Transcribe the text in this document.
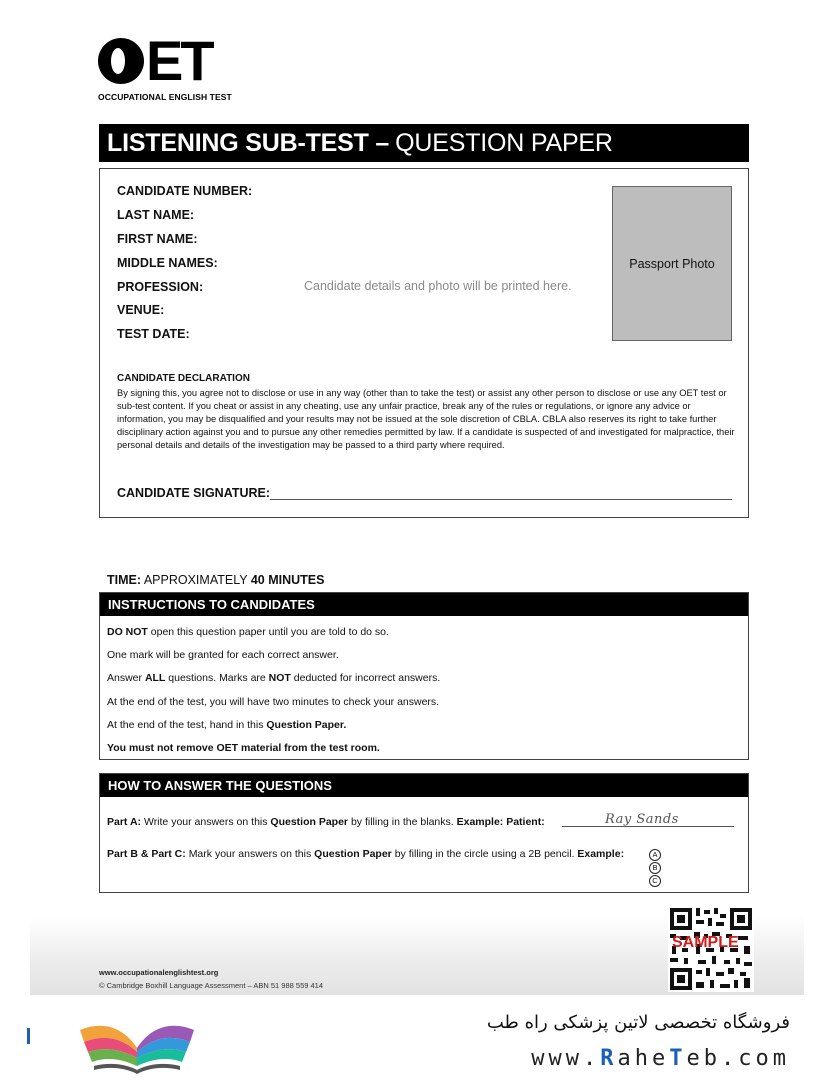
ET
OCCUPATIONAL ENGLISH TEST
LISTENING SUB-TEST – QUESTION PAPER
CANDIDATE NUMBER:
LAST NAME:
FIRST NAME:
MIDDLE NAMES:
PROFESSION:
VENUE:
TEST DATE:
Candidate details and photo will be printed here.
Passport Photo
CANDIDATE DECLARATION
By signing this, you agree not to disclose or use in any way (other than to take the test) or assist any other person to disclose or use any OET test or sub-test content. If you cheat or assist in any cheating, use any unfair practice, break any of the rules or regulations, or ignore any advice or information, you may be disqualified and your results may not be issued at the sole discretion of CBLA. CBLA also reserves its right to take further disciplinary action against you and to pursue any other remedies permitted by law. If a candidate is suspected of and investigated for malpractice, their personal details and details of the investigation may be passed to a third party where required.
CANDIDATE SIGNATURE:
TIME: APPROXIMATELY 40 MINUTES
INSTRUCTIONS TO CANDIDATES
DO NOT open this question paper until you are told to do so.
One mark will be granted for each correct answer.
Answer ALL questions. Marks are NOT deducted for incorrect answers.
At the end of the test, you will have two minutes to check your answers.
At the end of the test, hand in this Question Paper.
You must not remove OET material from the test room.
HOW TO ANSWER THE QUESTIONS
Part A: Write your answers on this Question Paper by filling in the blanks. Example: Patient:	Ray Sands
Part B & Part C: Mark your answers on this Question Paper by filling in the circle using a 2B pencil. Example:	A
B
C
www.occupationalenglishtest.org
© Cambridge Boxhill Language Assessment – ABN 51 988 559 414
SAMPLE
فروشگاه تخصصی لاتین پزشکی راه طب
www.RaheTeb.com
